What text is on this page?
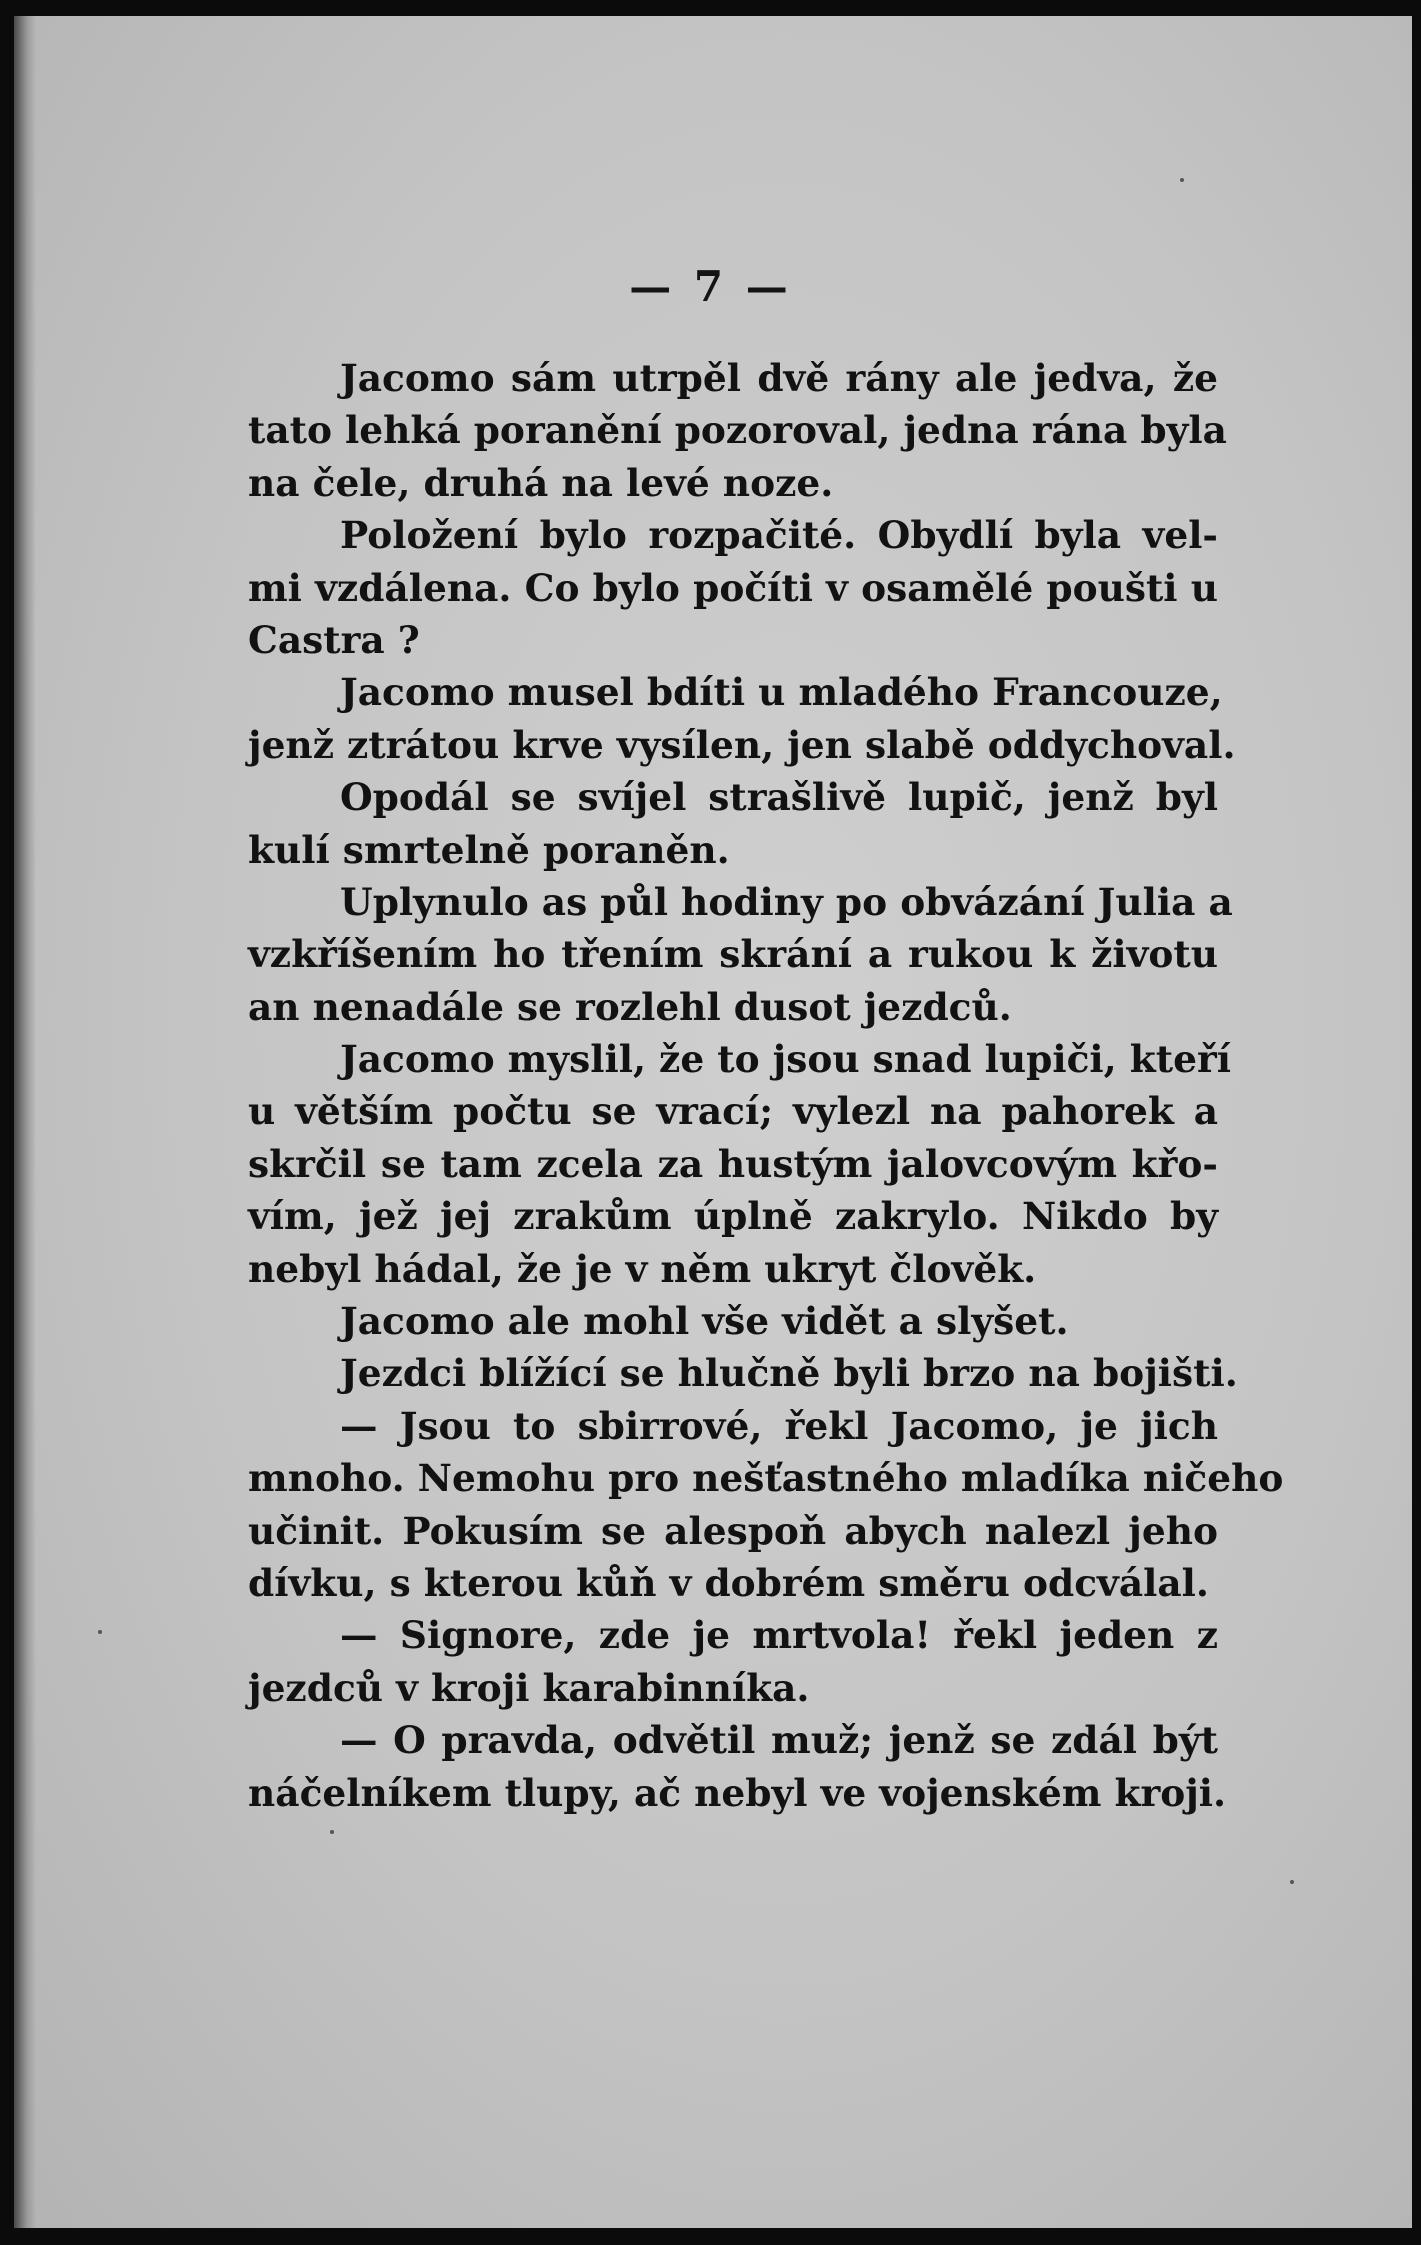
— 7 —
Jacomo sám utrpěl dvě rány ale jedva, že
tato lehká poranění pozoroval, jedna rána byla
na čele, druhá na levé noze.
Položení bylo rozpačité. Obydlí byla vel-
mi vzdálena. Co bylo počíti v osamělé poušti u
Castra ?
Jacomo musel bdíti u mladého Francouze,
jenž ztrátou krve vysílen, jen slabě oddychoval.
Opodál se svíjel strašlivě lupič, jenž byl
kulí smrtelně poraněn.
Uplynulo as půl hodiny po obvázání Julia a
vzkříšením ho třením skrání a rukou k životu
an nenadále se rozlehl dusot jezdců.
Jacomo myslil, že to jsou snad lupiči, kteří
u větším počtu se vrací; vylezl na pahorek a
skrčil se tam zcela za hustým jalovcovým křo-
vím, jež jej zrakům úplně zakrylo. Nikdo by
nebyl hádal, že je v něm ukryt člověk.
Jacomo ale mohl vše vidět a slyšet.
Jezdci blížící se hlučně byli brzo na bojišti.
— Jsou to sbirrové, řekl Jacomo, je jich
mnoho. Nemohu pro nešťastného mladíka ničeho
učinit. Pokusím se alespoň abych nalezl jeho
dívku, s kterou kůň v dobrém směru odcválal.
— Signore, zde je mrtvola! řekl jeden z
jezdců v kroji karabinníka.
— O pravda, odvětil muž; jenž se zdál být
náčelníkem tlupy, ač nebyl ve vojenském kroji.
